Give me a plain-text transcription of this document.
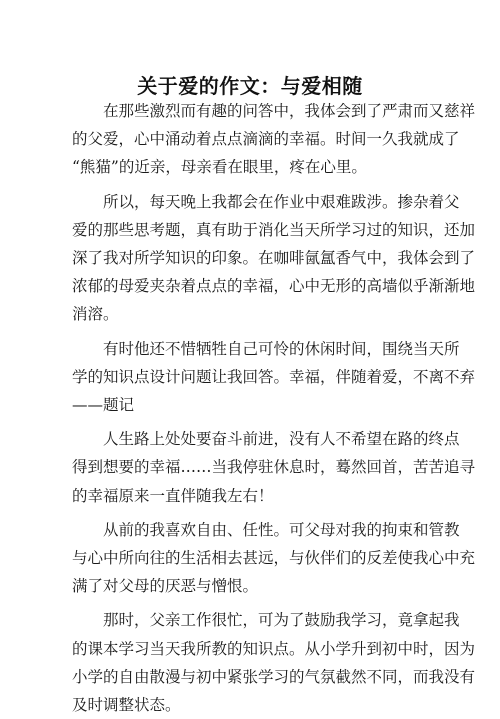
关于爱的作文：与爱相随

在那些激烈而有趣的问答中，我体会到了严肃而又慈祥
的父爱，心中涌动着点点滴滴的幸福。时间一久我就成了
“熊猫”的近亲，母亲看在眼里，疼在心里。

所以，每天晚上我都会在作业中艰难跋涉。掺杂着父
爱的那些思考题，真有助于消化当天所学习过的知识，还加
深了我对所学知识的印象。在咖啡氤氲香气中，我体会到了
浓郁的母爱夹杂着点点的幸福，心中无形的高墙似乎渐渐地
消溶。

有时他还不惜牺牲自己可怜的休闲时间，围绕当天所
学的知识点设计问题让我回答。幸福，伴随着爱，不离不弃
——题记

人生路上处处要奋斗前进，没有人不希望在路的终点
得到想要的幸福……当我停驻休息时，蓦然回首，苦苦追寻
的幸福原来一直伴随我左右！

从前的我喜欢自由、任性。可父母对我的拘束和管教
与心中所向往的生活相去甚远，与伙伴们的反差使我心中充
满了对父母的厌恶与憎恨。

那时，父亲工作很忙，可为了鼓励我学习，竟拿起我
的课本学习当天我所教的知识点。从小学升到初中时，因为
小学的自由散漫与初中紧张学习的气氛截然不同，而我没有
及时调整状态。
